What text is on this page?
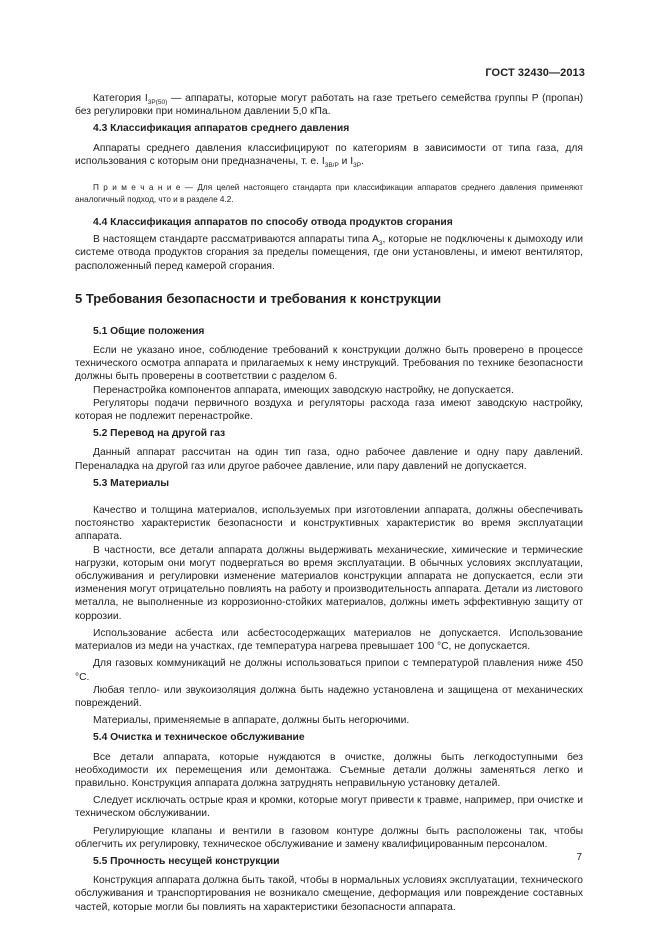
ГОСТ 32430—2013

Категория $I_{3P(50)}$ — аппараты, которые могут работать на газе третьего семейства группы P (пропан) без регулировки при номинальном давлении 5,0 кПа.

4.3 Классификация аппаратов среднего давления

Аппараты среднего давления классифицируют по категориям в зависимости от типа газа, для использования с которым они предназначены, т. е. $I_{3B/P}$ и $I_{3P}$.

П р и м е ч а н и е — Для целей настоящего стандарта при классификации аппаратов среднего давления применяют аналогичный подход, что и в разделе 4.2.

4.4 Классификация аппаратов по способу отвода продуктов сгорания

В настоящем стандарте рассматриваются аппараты типа $А_3$, которые не подключены к дымоходу или системе отвода продуктов сгорания за пределы помещения, где они установлены, и имеют вентилятор, расположенный перед камерой сгорания.

5 Требования безопасности и требования к конструкции

5.1 Общие положения

Если не указано иное, соблюдение требований к конструкции должно быть проверено в процессе технического осмотра аппарата и прилагаемых к нему инструкций. Требования по технике безопасности должны быть проверены в соответствии с разделом 6.

Перенастройка компонентов аппарата, имеющих заводскую настройку, не допускается.

Регуляторы подачи первичного воздуха и регуляторы расхода газа имеют заводскую настройку, которая не подлежит перенастройке.

5.2 Перевод на другой газ

Данный аппарат рассчитан на один тип газа, одно рабочее давление и одну пару давлений. Переналадка на другой газ или другое рабочее давление, или пару давлений не допускается.

5.3 Материалы

Качество и толщина материалов, используемых при изготовлении аппарата, должны обеспечивать постоянство характеристик безопасности и конструктивных характеристик во время эксплуатации аппарата.

В частности, все детали аппарата должны выдерживать механические, химические и термические нагрузки, которым они могут подвергаться во время эксплуатации. В обычных условиях эксплуатации, обслуживания и регулировки изменение материалов конструкции аппарата не допускается, если эти изменения могут отрицательно повлиять на работу и производительность аппарата. Детали из листового металла, не выполненные из коррозионно-стойких материалов, должны иметь эффективную защиту от коррозии.

Использование асбеста или асбестосодержащих материалов не допускается. Использование материалов из меди на участках, где температура нагрева превышает 100 °С, не допускается.

Для газовых коммуникаций не должны использоваться припои с температурой плавления ниже 450 °С.

Любая тепло- или звукоизоляция должна быть надежно установлена и защищена от механических повреждений.

Материалы, применяемые в аппарате, должны быть негорючими.

5.4 Очистка и техническое обслуживание

Все детали аппарата, которые нуждаются в очистке, должны быть легкодоступными без необходимости их перемещения или демонтажа. Съемные детали должны заменяться легко и правильно. Конструкция аппарата должна затруднять неправильную установку деталей.

Следует исключать острые края и кромки, которые могут привести к травме, например, при очистке и техническом обслуживании.

Регулирующие клапаны и вентили в газовом контуре должны быть расположены так, чтобы облегчить их регулировку, техническое обслуживание и замену квалифицированным персоналом.

5.5 Прочность несущей конструкции

Конструкция аппарата должна быть такой, чтобы в нормальных условиях эксплуатации, технического обслуживания и транспортирования не возникало смещение, деформация или повреждение составных частей, которые могли бы повлиять на характеристики безопасности аппарата.

7
